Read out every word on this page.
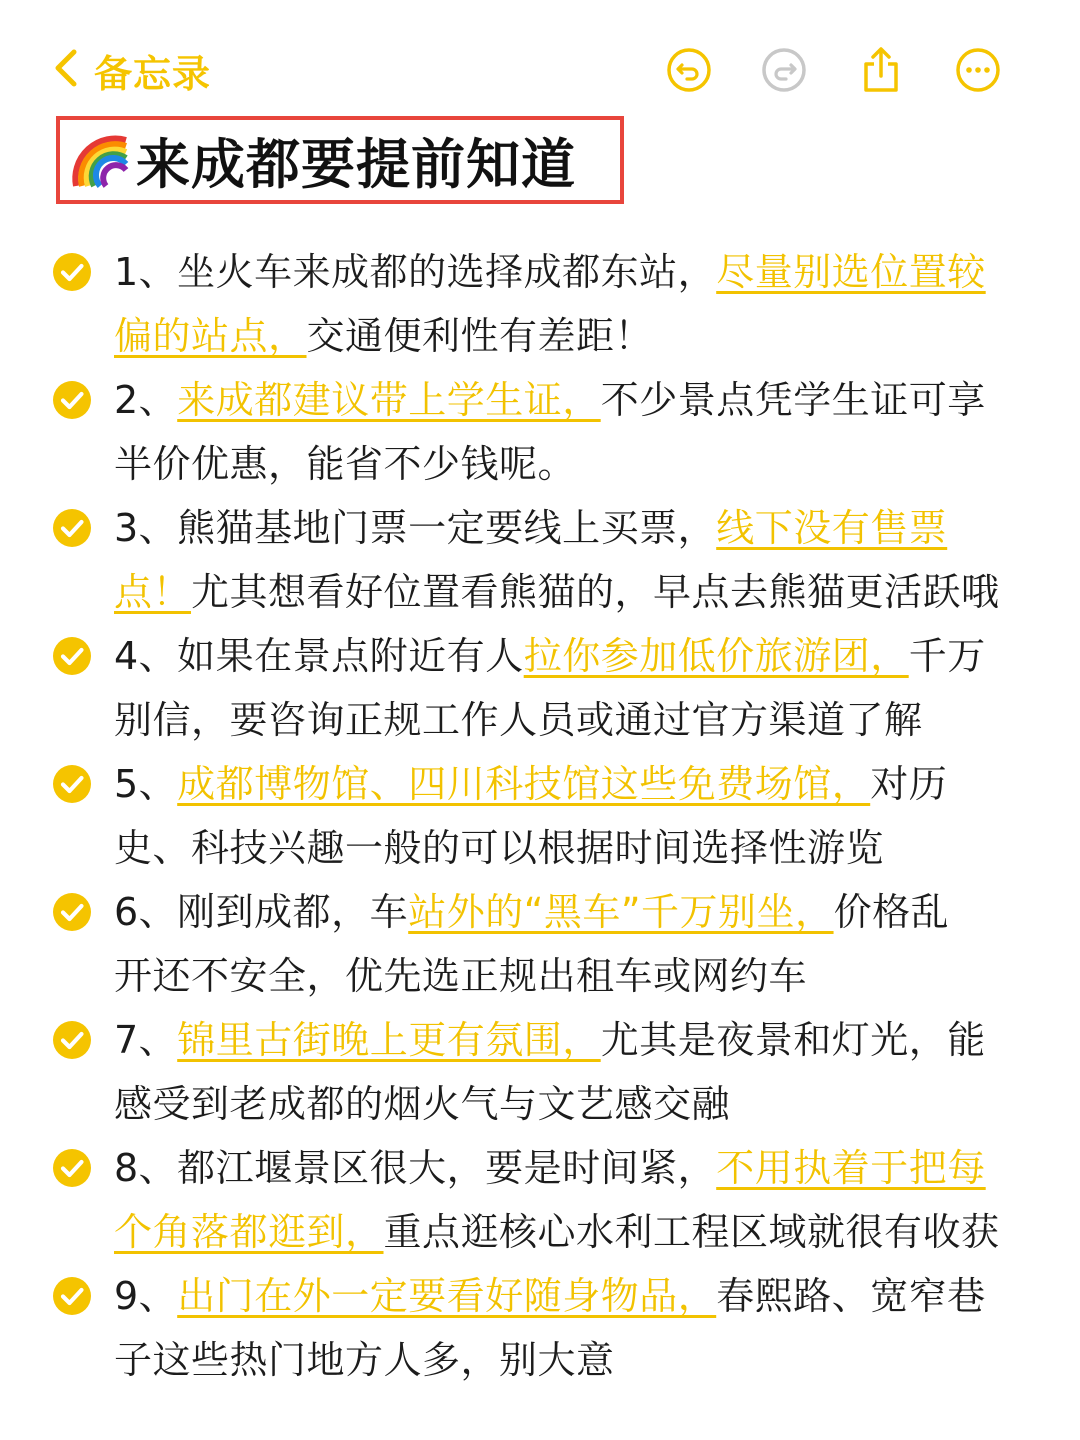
备忘录
来成都要提前知道
1、坐火车来成都的选择成都东站，尽量别选位置较
偏的站点，交通便利性有差距！
2、来成都建议带上学生证，不少景点凭学生证可享
半价优惠，能省不少钱呢。
3、熊猫基地门票一定要线上买票，线下没有售票
点！尤其想看好位置看熊猫的，早点去熊猫更活跃哦
4、如果在景点附近有人拉你参加低价旅游团，千万
别信，要咨询正规工作人员或通过官方渠道了解
5、成都博物馆、四川科技馆这些免费场馆，对历
史、科技兴趣一般的可以根据时间选择性游览
6、刚到成都，车站外的“黑车”千万别坐，价格乱
开还不安全，优先选正规出租车或网约车
7、锦里古街晚上更有氛围，尤其是夜景和灯光，能
感受到老成都的烟火气与文艺感交融
8、都江堰景区很大，要是时间紧，不用执着于把每
个角落都逛到，重点逛核心水利工程区域就很有收获
9、出门在外一定要看好随身物品，春熙路、宽窄巷
子这些热门地方人多，别大意
